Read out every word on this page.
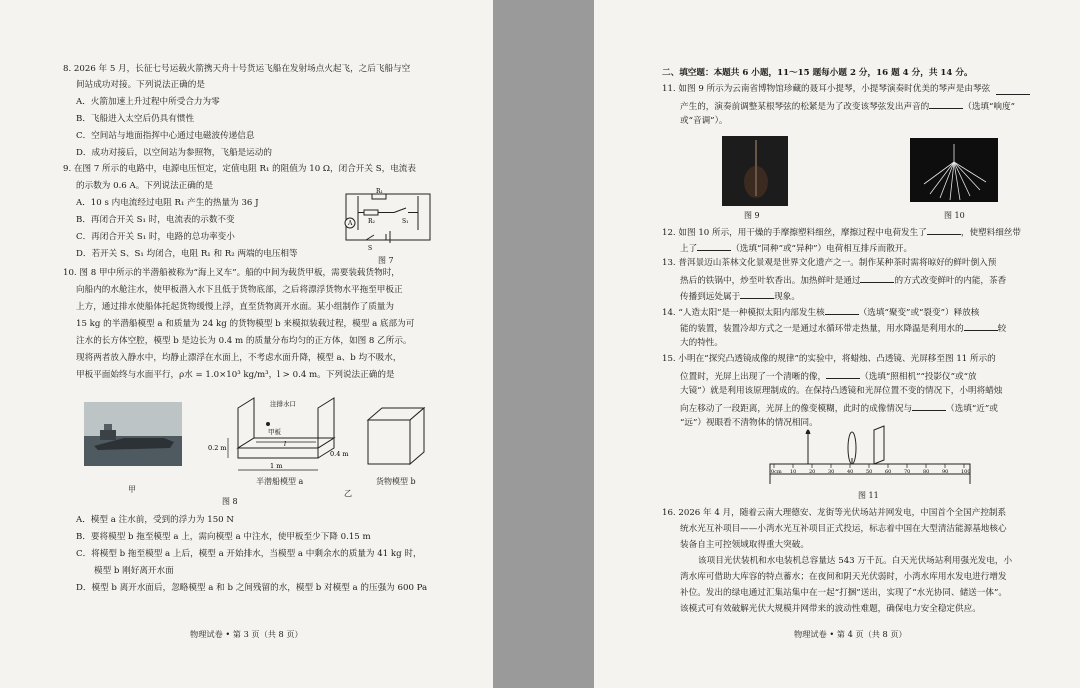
8. 2026 年 5 月，长征七号运载火箭携天舟十号货运飞船在发射场点火起飞，之后飞船与空
间站成功对接。下列说法正确的是
A．火箭加速上升过程中所受合力为零
B．飞船进入太空后仍具有惯性
C．空间站与地面指挥中心通过电磁波传递信息
D．成功对接后，以空间站为参照物，飞船是运动的
9. 在图 7 所示的电路中，电源电压恒定，定值电阻 R₁ 的阻值为 10 Ω，闭合开关 S，电流表
的示数为 0.6 A。下列说法正确的是
A．10 s 内电流经过电阻 R₁ 产生的热量为 36 J
B．再闭合开关 S₁ 时，电流表的示数不变
C．再闭合开关 S₁ 时，电路的总功率变小
D．若开关 S、S₁ 均闭合，电阻 R₁ 和 R₂ 两端的电压相等
R₁
R₂	S₁
A
S
图 7
10. 图 8 甲中所示的半潜船被称为“海上叉车”。船的中间为载货甲板，需要装载货物时，
向船内的水舱注水，使甲板潜入水下且低于货物底部，之后将漂浮货物水平拖至甲板正
上方，通过排水使船体托起货物缓慢上浮，直至货物离开水面。某小组制作了质量为
15 kg 的半潜船模型 a 和质量为 24 kg 的货物模型 b 来模拟装载过程，模型 a 底部为可
注水的长方体空腔，模型 b 是边长为 0.4 m 的质量分布均匀的正方体，如图 8 乙所示。
现将两者放入静水中，均静止漂浮在水面上，不考虑水面升降，模型 a、b 均不吸水，
甲板平面始终与水面平行，ρ水 = 1.0×10³ kg/m³，l > 0.4 m。下列说法正确的是
甲
注排水口
甲板
l
0.2 m
1 m
0.4 m
半潜船模型 a	货物模型 b
乙
图 8
A．模型 a 注水前，受到的浮力为 150 N
B．要将模型 b 拖至模型 a 上，需向模型 a 中注水，使甲板至少下降 0.15 m
C．将模型 b 拖至模型 a 上后，模型 a 开始排水，当模型 a 中剩余水的质量为 41 kg 时，
模型 b 刚好离开水面
D．模型 b 离开水面后，忽略模型 a 和 b 之间残留的水，模型 b 对模型 a 的压强为 600 Pa
物理试卷 • 第 3 页（共 8 页）
二、填空题：本题共 6 小题，11～15 题每小题 2 分，16 题 4 分，共 14 分。
11. 如图 9 所示为云南省博物馆珍藏的聂耳小提琴，小提琴演奏时优美的琴声是由琴弦
产生的，演奏前调整某根琴弦的松紧是为了改变该琴弦发出声音的	（选填“响度”
或“音调”）。
图 9	图 10
12. 如图 10 所示，用干燥的手摩擦塑料细丝，摩擦过程中电荷发生了	，使塑料细丝带
上了	（选填“同种”或“异种”）电荷相互排斥而散开。
13. 普洱景迈山茶林文化景观是世界文化遗产之一。制作某种茶时需将晾好的鲜叶倒入预
热后的铁锅中，炒至叶软香出。加热鲜叶是通过	的方式改变鲜叶的内能，茶香
传播到远处属于	现象。
14. “人造太阳”是一种模拟太阳内部发生核	（选填“聚变”或“裂变”）释放核
能的装置，装置冷却方式之一是通过水循环带走热量，用水降温是利用水的	较
大的特性。
15. 小明在“探究凸透镜成像的规律”的实验中，将蜡烛、凸透镜、光屏移至图 11 所示的
位置时，光屏上出现了一个清晰的像，	（选填“照相机”“投影仪”或“放
大镜”）就是利用该原理制成的。在保持凸透镜和光屏位置不变的情况下，小明将蜡烛
向左移动了一段距离，光屏上的像变模糊，此时的成像情况与	（选填“近”或
“远”）视眼看不清物体的情况相同。
0cm 10	20	30	40	50	60	70	80	90	100
图 11
16. 2026 年 4 月，随着云南大理德安、龙街等光伏场站并网发电，中国首个全国产控制系
统水光互补项目——小湾水光互补项目正式投运，标志着中国在大型清洁能源基地核心
装备自主可控领域取得重大突破。
该项目光伏装机和水电装机总容量达 543 万千瓦。白天光伏场站利用强光发电，小
湾水库可借助大库容的特点蓄水；在夜间和阴天光伏弱时，小湾水库用水发电进行增发
补位。发出的绿电通过汇集站集中在一起“打捆”送出，实现了“水光协同、储送一体”。
该模式可有效破解光伏大规模并网带来的波动性难题，确保电力安全稳定供应。
物理试卷 • 第 4 页（共 8 页）
